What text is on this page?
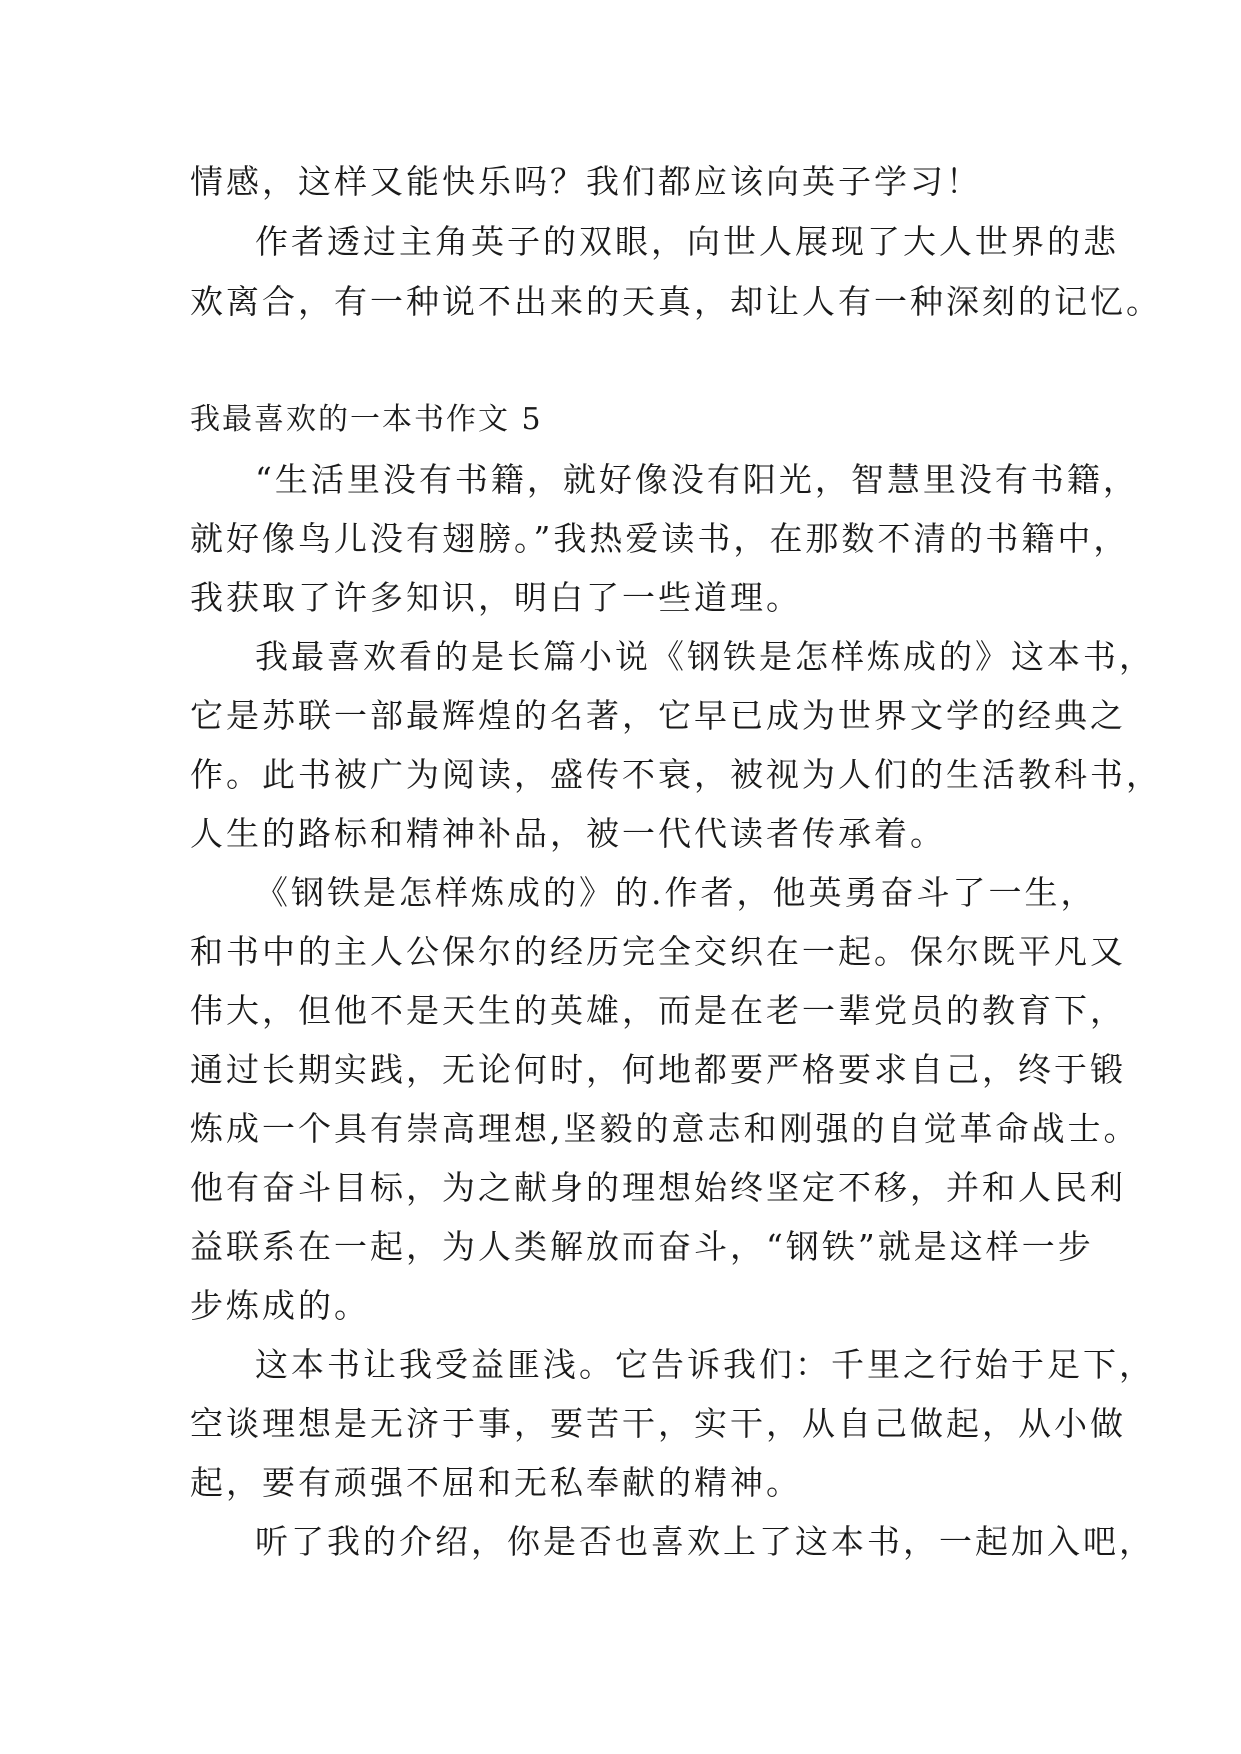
情感，这样又能快乐吗？我们都应该向英子学习！
作者透过主角英子的双眼，向世人展现了大人世界的悲
欢离合，有一种说不出来的天真，却让人有一种深刻的记忆。
我最喜欢的一本书作文 5
“生活里没有书籍，就好像没有阳光，智慧里没有书籍，
就好像鸟儿没有翅膀。”我热爱读书，在那数不清的书籍中，
我获取了许多知识，明白了一些道理。
我最喜欢看的是长篇小说《钢铁是怎样炼成的》这本书，
它是苏联一部最辉煌的名著，它早已成为世界文学的经典之
作。此书被广为阅读，盛传不衰，被视为人们的生活教科书，
人生的路标和精神补品，被一代代读者传承着。
《钢铁是怎样炼成的》的.作者，他英勇奋斗了一生，
和书中的主人公保尔的经历完全交织在一起。保尔既平凡又
伟大，但他不是天生的英雄，而是在老一辈党员的教育下，
通过长期实践，无论何时，何地都要严格要求自己，终于锻
炼成一个具有崇高理想,坚毅的意志和刚强的自觉革命战士。
他有奋斗目标，为之献身的理想始终坚定不移，并和人民利
益联系在一起，为人类解放而奋斗，“钢铁”就是这样一步
步炼成的。
这本书让我受益匪浅。它告诉我们：千里之行始于足下，
空谈理想是无济于事，要苦干，实干，从自己做起，从小做
起，要有顽强不屈和无私奉献的精神。
听了我的介绍，你是否也喜欢上了这本书，一起加入吧，
